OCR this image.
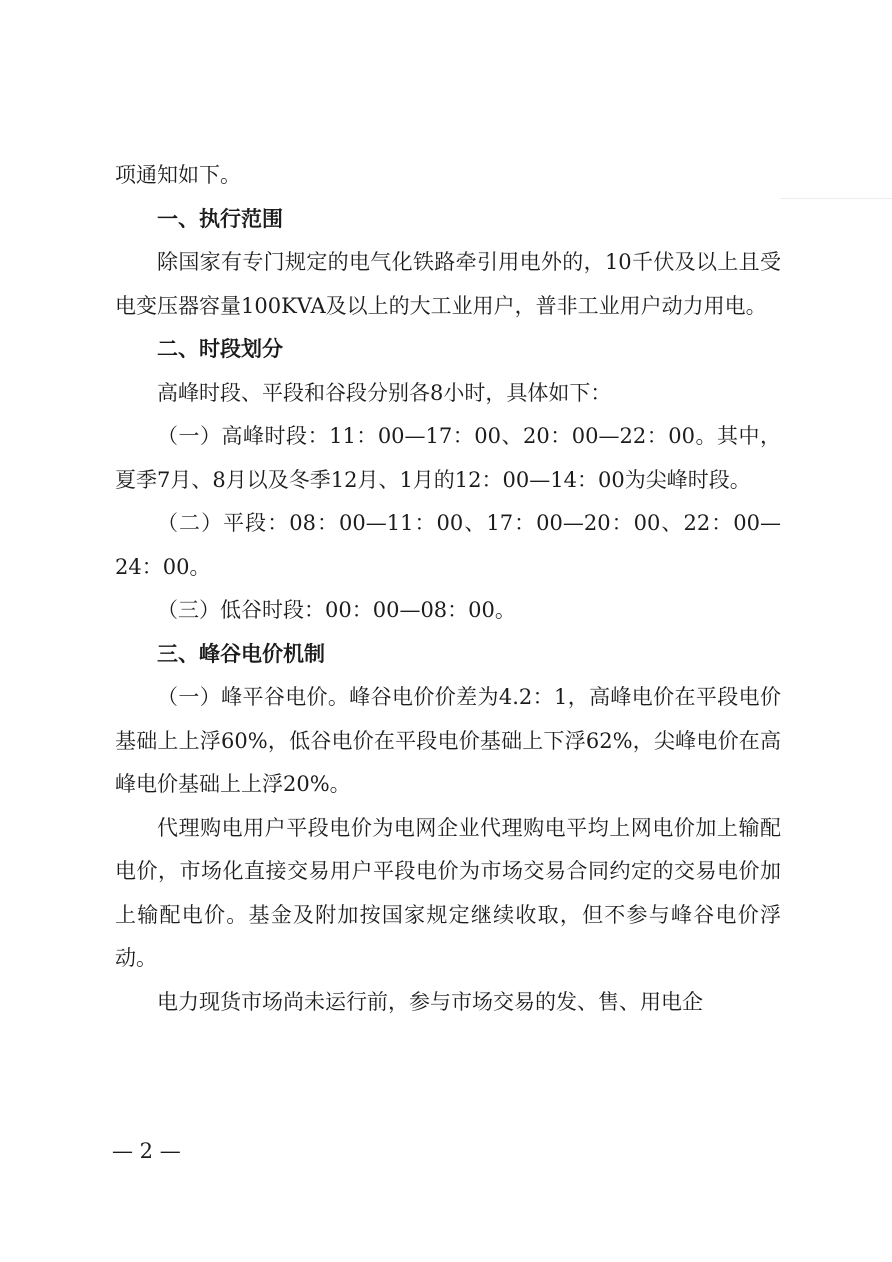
项通知如下。

一、执行范围

除国家有专门规定的电气化铁路牵引用电外的，10千伏及以上且受电变压器容量100KVA及以上的大工业用户，普非工业用户动力用电。

二、时段划分

高峰时段、平段和谷段分别各8小时，具体如下：

（一）高峰时段：11：00—17：00、20：00—22：00。其中，夏季7月、8月以及冬季12月、1月的12：00—14：00为尖峰时段。

（二）平段：08：00—11：00、17：00—20：00、22：00—24：00。

（三）低谷时段：00：00—08：00。

三、峰谷电价机制

（一）峰平谷电价。峰谷电价价差为4.2：1，高峰电价在平段电价基础上上浮60%，低谷电价在平段电价基础上下浮62%，尖峰电价在高峰电价基础上上浮20%。

代理购电用户平段电价为电网企业代理购电平均上网电价加上输配电价，市场化直接交易用户平段电价为市场交易合同约定的交易电价加上输配电价。基金及附加按国家规定继续收取，但不参与峰谷电价浮动。

电力现货市场尚未运行前，参与市场交易的发、售、用电企

— 2 —
